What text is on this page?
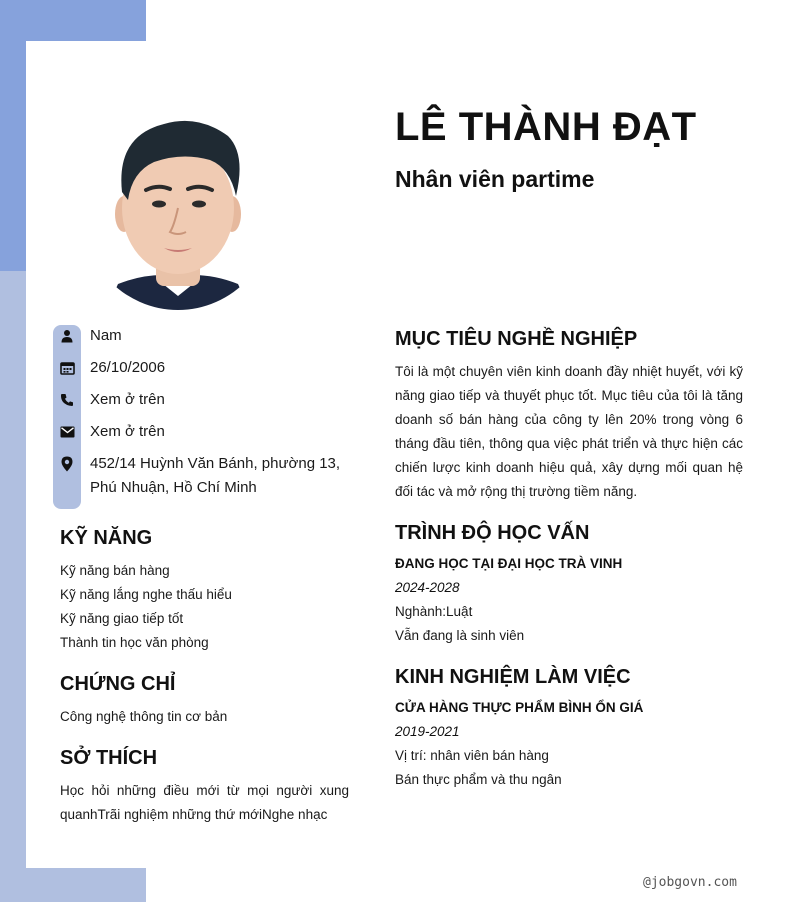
LÊ THÀNH ĐẠT
Nhân viên partime
Nam
26/10/2006
Xem ở trên
Xem ở trên
452/14 Huỳnh Văn Bánh, phường 13, Phú Nhuận, Hồ Chí Minh
KỸ NĂNG
Kỹ năng bán hàng
Kỹ năng lắng nghe thấu hiểu
Kỹ năng giao tiếp tốt
Thành tin học văn phòng
CHỨNG CHỈ
Công nghệ thông tin cơ bản
SỞ THÍCH

Học hỏi những điều mới từ mọi người xung quanhTrãi nghiệm những thứ mớiNghe nhạc

MỤC TIÊU NGHỀ NGHIỆP

Tôi là một chuyên viên kinh doanh đầy nhiệt huyết, với kỹ năng giao tiếp và thuyết phục tốt. Mục tiêu của tôi là tăng doanh số bán hàng của công ty lên 20% trong vòng 6 tháng đầu tiên, thông qua việc phát triển và thực hiện các chiến lược kinh doanh hiệu quả, xây dựng mối quan hệ đối tác và mở rộng thị trường tiềm năng.

TRÌNH ĐỘ HỌC VẤN

ĐANG HỌC TẠI ĐẠI HỌC TRÀ VINH

2024-2028

Nghành:Luật

Vẫn đang là sinh viên

KINH NGHIỆM LÀM VIỆC

CỬA HÀNG THỰC PHẨM BÌNH ỔN GIÁ

2019-2021

Vị trí: nhân viên bán hàng

Bán thực phẩm và thu ngân

@jobgovn.com
